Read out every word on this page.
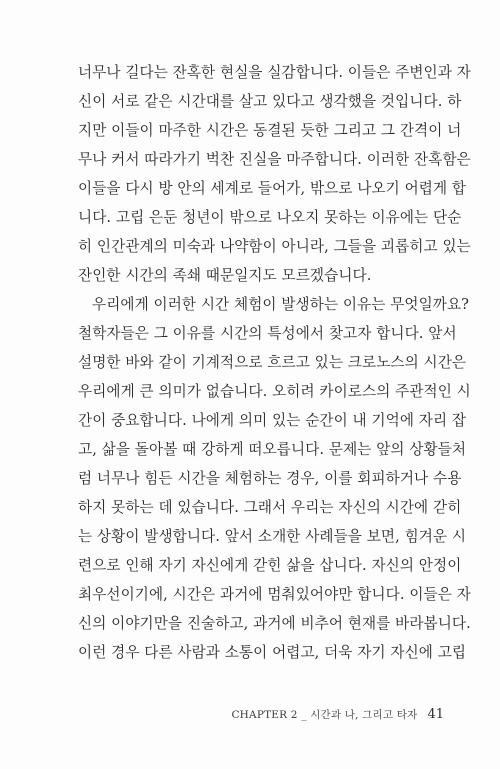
너무나 길다는 잔혹한 현실을 실감합니다. 이들은 주변인과 자
신이 서로 같은 시간대를 살고 있다고 생각했을 것입니다. 하
지만 이들이 마주한 시간은 동결된 듯한 그리고 그 간격이 너
무나 커서 따라가기 벅찬 진실을 마주합니다. 이러한 잔혹함은
이들을 다시 방 안의 세계로 들어가, 밖으로 나오기 어렵게 합
니다. 고립 은둔 청년이 밖으로 나오지 못하는 이유에는 단순
히 인간관계의 미숙과 나약함이 아니라, 그들을 괴롭히고 있는
잔인한 시간의 족쇄 때문일지도 모르겠습니다.
우리에게 이러한 시간 체험이 발생하는 이유는 무엇일까요?
철학자들은 그 이유를 시간의 특성에서 찾고자 합니다. 앞서
설명한 바와 같이 기계적으로 흐르고 있는 크로노스의 시간은
우리에게 큰 의미가 없습니다. 오히려 카이로스의 주관적인 시
간이 중요합니다. 나에게 의미 있는 순간이 내 기억에 자리 잡
고, 삶을 돌아볼 때 강하게 떠오릅니다. 문제는 앞의 상황들처
럼 너무나 힘든 시간을 체험하는 경우, 이를 회피하거나 수용
하지 못하는 데 있습니다. 그래서 우리는 자신의 시간에 갇히
는 상황이 발생합니다. 앞서 소개한 사례들을 보면, 힘겨운 시
련으로 인해 자기 자신에게 갇힌 삶을 삽니다. 자신의 안정이
최우선이기에, 시간은 과거에 멈춰있어야만 합니다. 이들은 자
신의 이야기만을 진술하고, 과거에 비추어 현재를 바라봅니다.
이런 경우 다른 사람과 소통이 어렵고, 더욱 자기 자신에 고립
CHAPTER 2 _ 시간과 나, 그리고 타자 41
